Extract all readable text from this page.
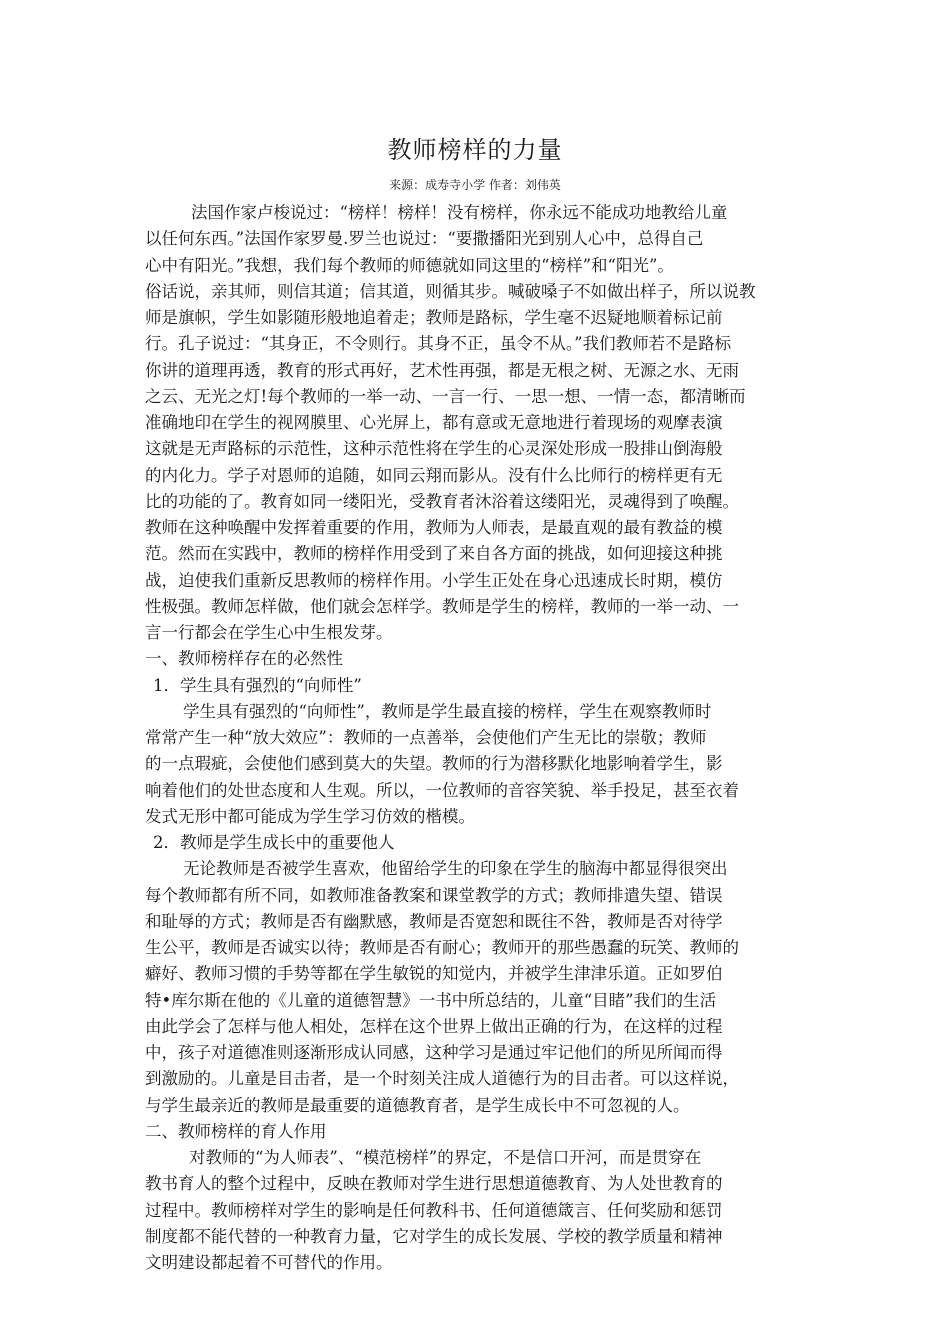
教师榜样的力量
来源：成寿寺小学 作者：刘伟英
法国作家卢梭说过：“榜样！榜样！没有榜样，你永远不能成功地教给儿童
以任何东西。”法国作家罗曼.罗兰也说过：“要撒播阳光到别人心中，总得自己
心中有阳光。”我想，我们每个教师的师德就如同这里的“榜样”和“阳光”。
俗话说，亲其师，则信其道；信其道，则循其步。喊破嗓子不如做出样子，所以说教
师是旗帜，学生如影随形般地追着走；教师是路标，学生毫不迟疑地顺着标记前
行。孔子说过：“其身正，不令则行。其身不正，虽令不从。”我们教师若不是路标
你讲的道理再透，教育的形式再好，艺术性再强，都是无根之树、无源之水、无雨
之云、无光之灯!每个教师的一举一动、一言一行、一思一想、一情一态，都清晰而
准确地印在学生的视网膜里、心光屏上，都有意或无意地进行着现场的观摩表演
这就是无声路标的示范性，这种示范性将在学生的心灵深处形成一股排山倒海般
的内化力。学子对恩师的追随，如同云翔而影从。没有什么比师行的榜样更有无
比的功能的了。教育如同一缕阳光，受教育者沐浴着这缕阳光，灵魂得到了唤醒。
教师在这种唤醒中发挥着重要的作用，教师为人师表，是最直观的最有教益的模
范。然而在实践中，教师的榜样作用受到了来自各方面的挑战，如何迎接这种挑
战，迫使我们重新反思教师的榜样作用。小学生正处在身心迅速成长时期，模仿
性极强。教师怎样做，他们就会怎样学。教师是学生的榜样，教师的一举一动、一
言一行都会在学生心中生根发芽。
一、教师榜样存在的必然性
1．学生具有强烈的“向师性”
学生具有强烈的“向师性”，教师是学生最直接的榜样，学生在观察教师时
常常产生一种“放大效应”：教师的一点善举，会使他们产生无比的崇敬；教师
的一点瑕疵，会使他们感到莫大的失望。教师的行为潜移默化地影响着学生，影
响着他们的处世态度和人生观。所以，一位教师的音容笑貌、举手投足，甚至衣着
发式无形中都可能成为学生学习仿效的楷模。
2．教师是学生成长中的重要他人
无论教师是否被学生喜欢，他留给学生的印象在学生的脑海中都显得很突出
每个教师都有所不同，如教师准备教案和课堂教学的方式；教师排遣失望、错误
和耻辱的方式；教师是否有幽默感，教师是否宽恕和既往不咎，教师是否对待学
生公平，教师是否诚实以待；教师是否有耐心；教师开的那些愚蠢的玩笑、教师的
癖好、教师习惯的手势等都在学生敏锐的知觉内，并被学生津津乐道。正如罗伯
特•库尔斯在他的《儿童的道德智慧》一书中所总结的，儿童“目睹”我们的生活
由此学会了怎样与他人相处，怎样在这个世界上做出正确的行为，在这样的过程
中，孩子对道德准则逐渐形成认同感，这种学习是通过牢记他们的所见所闻而得
到激励的。儿童是目击者，是一个时刻关注成人道德行为的目击者。可以这样说，
与学生最亲近的教师是最重要的道德教育者，是学生成长中不可忽视的人。
二、教师榜样的育人作用
对教师的“为人师表”、“模范榜样”的界定，不是信口开河，而是贯穿在
教书育人的整个过程中，反映在教师对学生进行思想道德教育、为人处世教育的
过程中。教师榜样对学生的影响是任何教科书、任何道德箴言、任何奖励和惩罚
制度都不能代替的一种教育力量，它对学生的成长发展、学校的教学质量和精神
文明建设都起着不可替代的作用。
